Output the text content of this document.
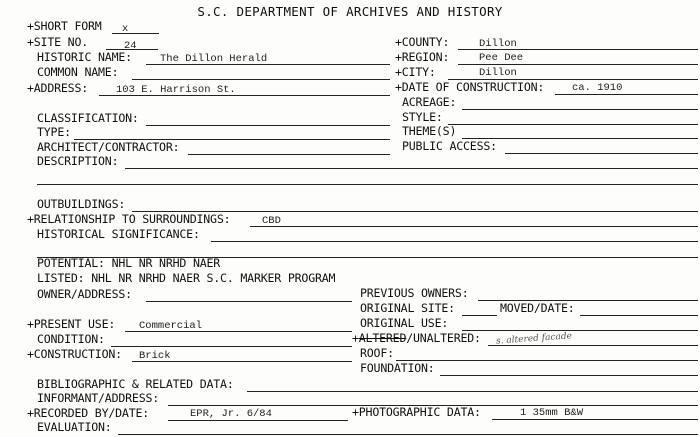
S.C. DEPARTMENT OF ARCHIVES AND HISTORY
+SHORT FORM x
+SITE NO.	24	+COUNTY:	Dillon
HISTORIC NAME:	The Dillon Herald	+REGION:	Pee Dee
COMMON NAME:	+CITY:	Dillon
+ADDRESS:	103 E. Harrison St.	+DATE OF CONSTRUCTION:	ca. 1910
ACREAGE:
CLASSIFICATION:	STYLE:
TYPE:	THEME(S)
ARCHITECT/CONTRACTOR:	PUBLIC ACCESS:
DESCRIPTION:
OUTBUILDINGS:
+RELATIONSHIP TO SURROUNDINGS:	CBD
HISTORICAL SIGNIFICANCE:
POTENTIAL: NHL NR NRHD NAER
LISTED: NHL NR NRHD NAER S.C. MARKER PROGRAM
OWNER/ADDRESS:	PREVIOUS OWNERS:
ORIGINAL SITE:	MOVED/DATE:
+PRESENT USE: Commercial	ORIGINAL USE:
CONDITION:	+ALTERED/UNALTERED: s. altered facade
+CONSTRUCTION: Brick	ROOF:
FOUNDATION:
BIBLIOGRAPHIC & RELATED DATA:
INFORMANT/ADDRESS:
+RECORDED BY/DATE:	EPR, Jr. 6/84	+PHOTOGRAPHIC DATA:	1 35mm B&W
EVALUATION:
